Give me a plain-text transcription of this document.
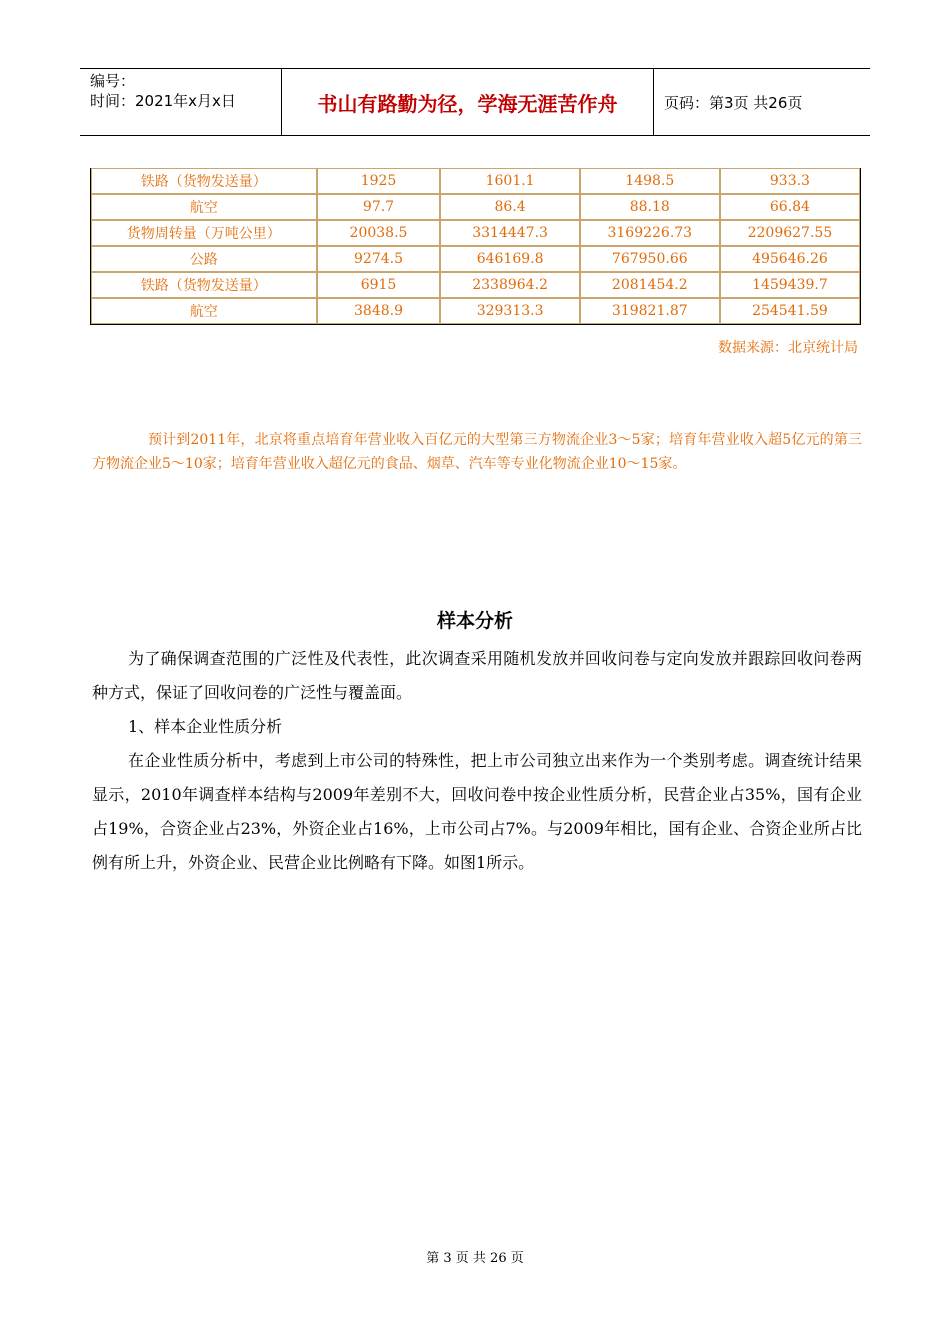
编号：
时间：2021年x月x日	书山有路勤为径，学海无涯苦作舟	页码：第3页 共26页
铁路（货物发送量）	1925	1601.1	1498.5	933.3
航空	97.7	86.4	88.18	66.84
货物周转量（万吨公里）	20038.5	3314447.3	3169226.73	2209627.55
公路	9274.5	646169.8	767950.66	495646.26
铁路（货物发送量）	6915	2338964.2	2081454.2	1459439.7
航空	3848.9	329313.3	319821.87	254541.59
数据来源：北京统计局
预计到2011年，北京将重点培育年营业收入百亿元的大型第三方物流企业3～5家；培育年营业收入超5亿元的第三方物流企业5～10家；培育年营业收入超亿元的食品、烟草、汽车等专业化物流企业10～15家。
样本分析
为了确保调查范围的广泛性及代表性，此次调查采用随机发放并回收问卷与定向发放并跟踪回收问卷两种方式，保证了回收问卷的广泛性与覆盖面。
1、样本企业性质分析
在企业性质分析中，考虑到上市公司的特殊性，把上市公司独立出来作为一个类别考虑。调查统计结果显示，2010年调查样本结构与2009年差别不大，回收问卷中按企业性质分析，民营企业占35%，国有企业占19%，合资企业占23%，外资企业占16%，上市公司占7%。与2009年相比，国有企业、合资企业所占比例有所上升，外资企业、民营企业比例略有下降。如图1所示。
第 3 页 共 26 页
